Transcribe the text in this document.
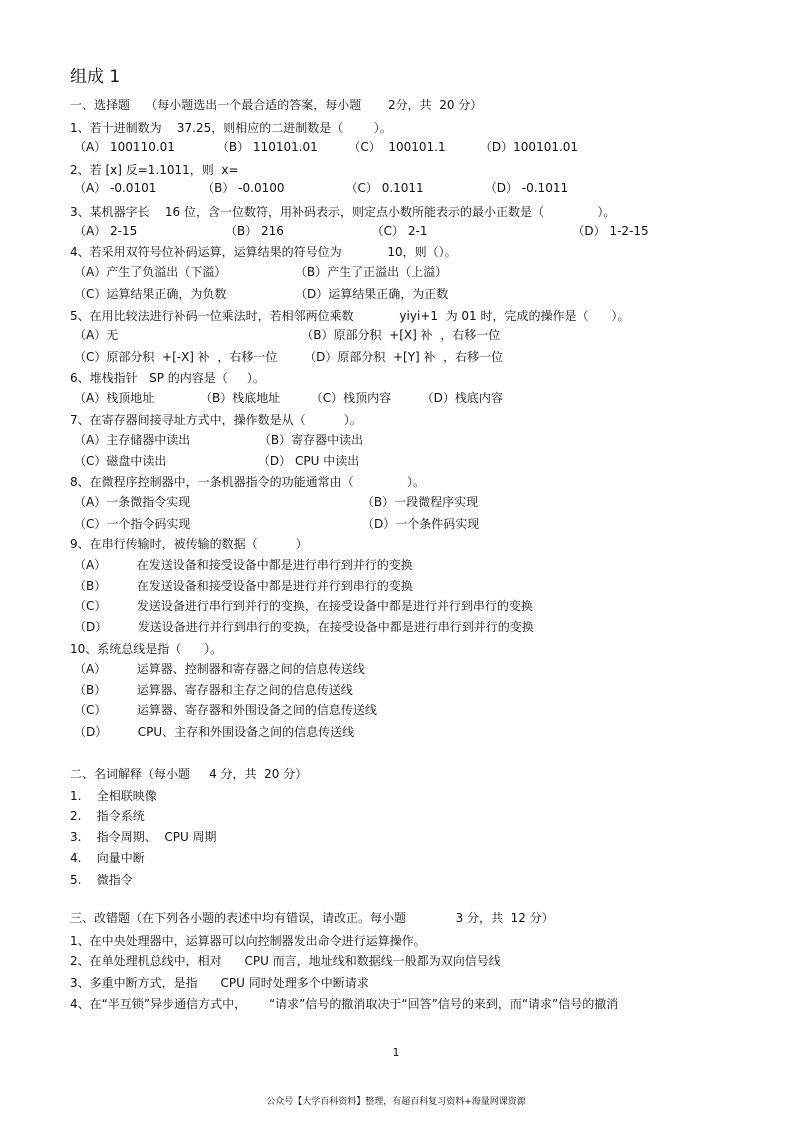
组成 1
一、选择题    （每小题选出一个最合适的答案，每小题       2分，共  20 分）
1、若十进制数为    37.25，则相应的二进制数是（        ）。
（A） 100110.01           （B） 110101.01        （C）  100101.1         （D）100101.01
2、若 [x] 反=1.1011，则  x=
（A） -0.0101            （B） -0.0100                （C） 0.1011                （D） -0.1011
3、某机器字长    16 位，含一位数符，用补码表示，则定点小数所能表示的最小正数是（              ）。
（A） 2-15                       （B） 216                       （C） 2-1                                      （D） 1-2-15
4、若采用双符号位补码运算，运算结果的符号位为            10，则（）。
（A）产生了负溢出（下溢）                  （B）产生了正溢出（上溢）
（C）运算结果正确，为负数                  （D）运算结果正确，为正数
5、在用比较法进行补码一位乘法时，若相邻两位乘数            yiyi+1  为 01 时，完成的操作是（      ）。
（A）无                                                （B）原部分积  +[X] 补  ，右移一位
（C）原部分积  +[-X] 补  ，右移一位       （D）原部分积  +[Y] 补  ，右移一位
6、堆栈指针   SP 的内容是（     ）。
（A）栈顶地址            （B）栈底地址        （C）栈顶内容        （D）栈底内容
7、在寄存器间接寻址方式中，操作数是从（          ）。
（A）主存储器中读出                  （B）寄存器中读出
（C）磁盘中读出                        （D） CPU 中读出
8、在微程序控制器中，一条机器指令的功能通常由（              ）。
（A）一条微指令实现                                             （B）一段微程序实现
（C）一个指令码实现                                             （D）一个条件码实现
9、在串行传输时，被传输的数据（          ）
（A）        在发送设备和接受设备中都是进行串行到并行的变换
（B）        在发送设备和接受设备中都是进行并行到串行的变换
（C）        发送设备进行串行到并行的变换，在接受设备中都是进行并行到串行的变换
（D）        发送设备进行并行到串行的变换，在接受设备中都是进行串行到并行的变换
10、系统总线是指（      ）。
（A）        运算器、控制器和寄存器之间的信息传送线
（B）        运算器、寄存器和主存之间的信息传送线
（C）        运算器、寄存器和外围设备之间的信息传送线
（D）        CPU、主存和外围设备之间的信息传送线
二、名词解释（每小题     4 分，共  20 分）
1.    全相联映像
2.    指令系统
3.    指令周期、  CPU 周期
4.    向量中断
5.    微指令
三、改错题（在下列各小题的表述中均有错误，请改正。每小题             3 分，共  12 分）
1、在中央处理器中，运算器可以向控制器发出命令进行运算操作。
2、在单处理机总线中，相对      CPU 而言，地址线和数据线一般都为双向信号线
3、多重中断方式，是指      CPU 同时处理多个中断请求
4、在“半互锁”异步通信方式中，      “请求”信号的撤消取决于“回答”信号的来到，而“请求”信号的撤消
1
公众号【大学百科资料】整理，有超百科复习资料+海量网课资源
